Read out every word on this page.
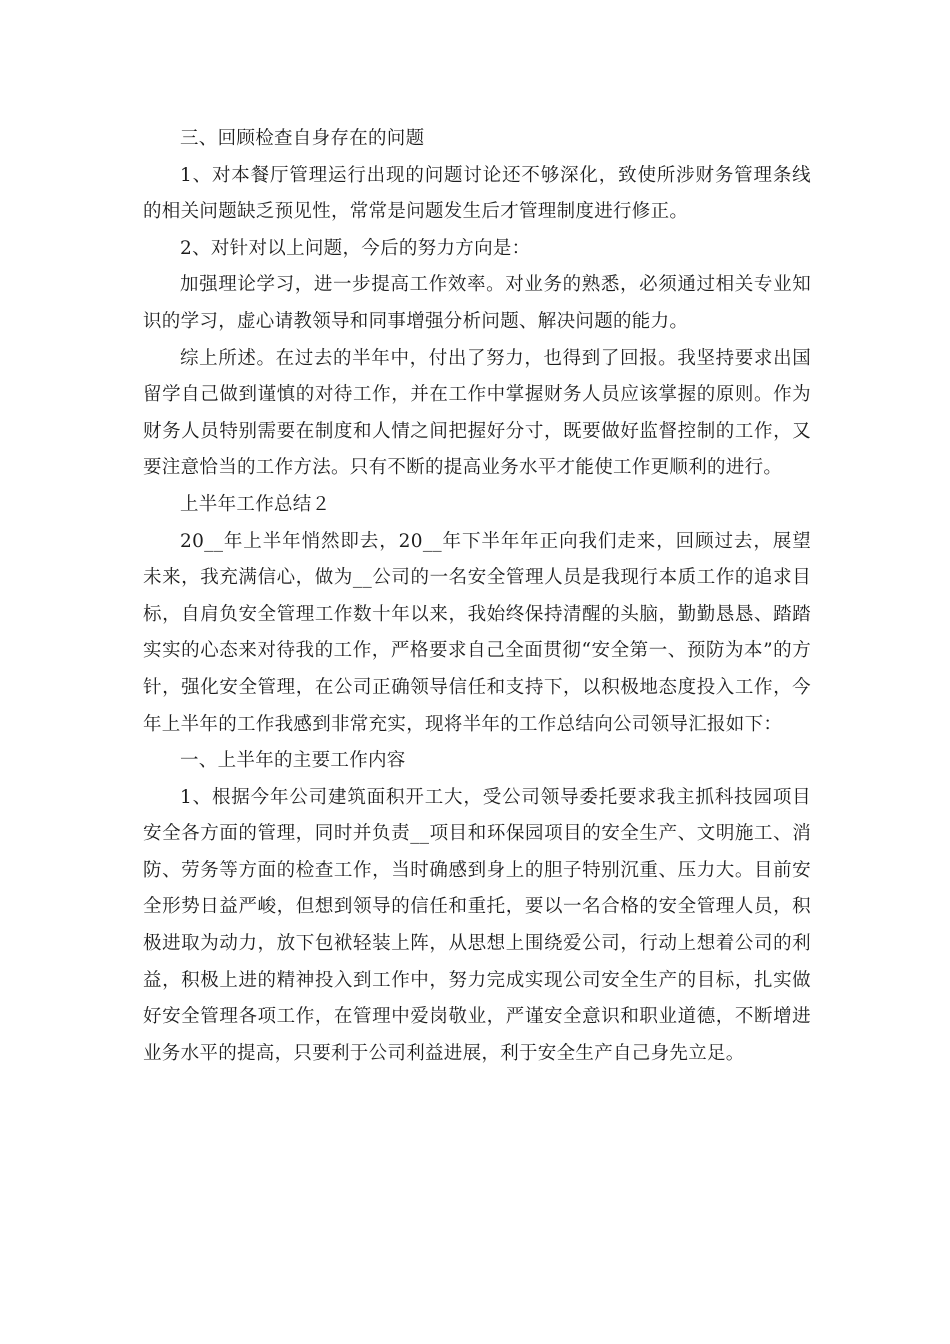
三、回顾检查自身存在的问题

1、对本餐厅管理运行出现的问题讨论还不够深化，致使所涉财务管理条线的相关问题缺乏预见性，常常是问题发生后才管理制度进行修正。

2、对针对以上问题，今后的努力方向是：

加强理论学习，进一步提高工作效率。对业务的熟悉，必须通过相关专业知识的学习，虚心请教领导和同事增强分析问题、解决问题的能力。

综上所述。在过去的半年中，付出了努力，也得到了回报。我坚持要求出国留学自己做到谨慎的对待工作，并在工作中掌握财务人员应该掌握的原则。作为财务人员特别需要在制度和人情之间把握好分寸，既要做好监督控制的工作，又要注意恰当的工作方法。只有不断的提高业务水平才能使工作更顺利的进行。

上半年工作总结２

20__年上半年悄然即去，20__年下半年年正向我们走来，回顾过去，展望未来，我充满信心，做为__公司的一名安全管理人员是我现行本质工作的追求目标，自肩负安全管理工作数十年以来，我始终保持清醒的头脑，勤勤恳恳、踏踏实实的心态来对待我的工作，严格要求自己全面贯彻“安全第一、预防为本”的方针，强化安全管理，在公司正确领导信任和支持下，以积极地态度投入工作，今年上半年的工作我感到非常充实，现将半年的工作总结向公司领导汇报如下：

一、上半年的主要工作内容

1、根据今年公司建筑面积开工大，受公司领导委托要求我主抓科技园项目安全各方面的管理，同时并负责__项目和环保园项目的安全生产、文明施工、消防、劳务等方面的检查工作，当时确感到身上的胆子特别沉重、压力大。目前安全形势日益严峻，但想到领导的信任和重托，要以一名合格的安全管理人员，积极进取为动力，放下包袱轻装上阵，从思想上围绕爱公司，行动上想着公司的利益，积极上进的精神投入到工作中，努力完成实现公司安全生产的目标，扎实做好安全管理各项工作，在管理中爱岗敬业，严谨安全意识和职业道德，不断增进业务水平的提高，只要利于公司利益进展，利于安全生产自己身先立足。
